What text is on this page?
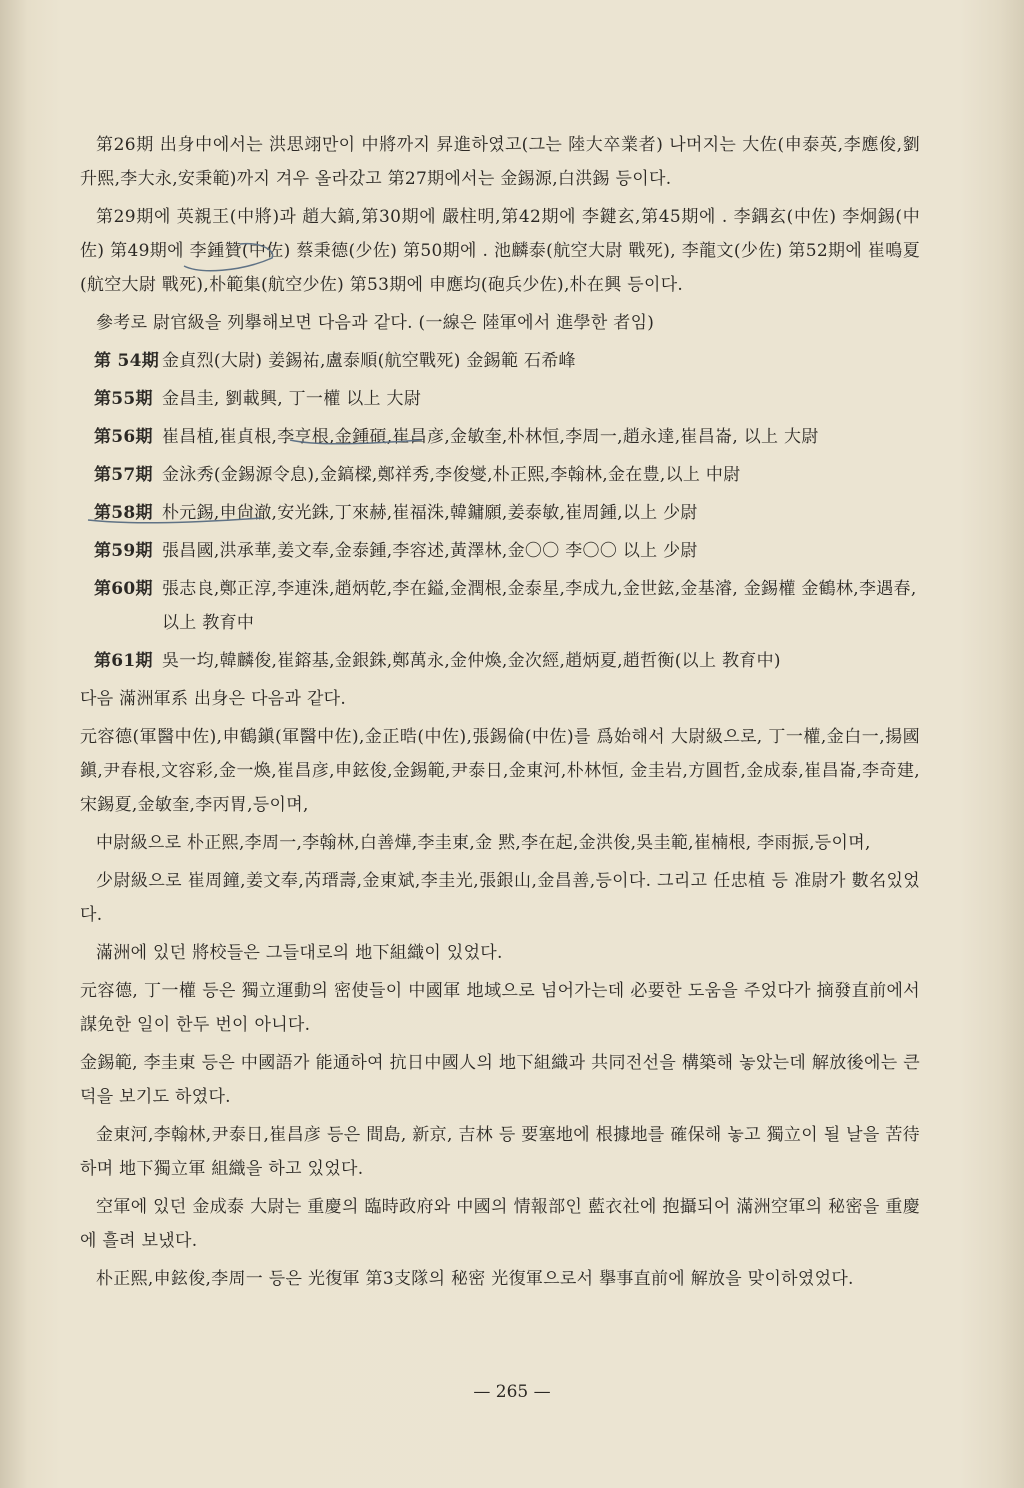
第26期 出身中에서는 洪思翊만이 中將까지 昇進하였고(그는 陸大卒業者) 나머지는 大佐(申泰英,李應俊,劉升熙,李大永,安秉範)까지 겨우 올라갔고 第27期에서는 金錫源,白洪錫 등이다.

第29期에 英親王(中將)과 趙大鎬,第30期에 嚴柱明,第42期에 李鍵玄,第45期에 . 李鍝玄(中佐) 李炯錫(中佐) 第49期에 李鍾贊(中佐) 蔡秉德(少佐) 第50期에 . 池麟泰(航空大尉 戰死), 李龍文(少佐) 第52期에 崔鳴夏(航空大尉 戰死),朴範集(航空少佐) 第53期에 申應均(砲兵少佐),朴在興 등이다.

參考로 尉官級을 列擧해보면 다음과 같다. (一線은 陸軍에서 進學한 者임)

第 54期 金貞烈(大尉) 姜錫祐,盧泰順(航空戰死) 金錫範 石希峰
第55期 金昌圭, 劉載興, 丁一權 以上 大尉
第56期 崔昌植,崔貞根,李亨根,金鍾碩,崔昌彦,金敏奎,朴林恒,李周一,趙永達,崔昌崙, 以上 大尉
第57期 金泳秀(金錫源令息),金鎬樑,鄭祥秀,李俊燮,朴正熙,李翰林,金在豊,以上 中尉
第58期 朴元錫,申尙澈,安光銖,丁來赫,崔福洙,韓鏞願,姜泰敏,崔周鍾,以上 少尉
第59期 張昌國,洪承華,姜文奉,金泰鍾,李容述,黃澤林,金〇〇 李〇〇 以上 少尉
第60期 張志良,鄭正淳,李連洙,趙炳乾,李在鎰,金潤根,金泰星,李成九,金世鉉,金基濬, 金錫權 金鶴林,李遇春,以上 教育中
第61期 吳一均,韓麟俊,崔鎔基,金銀銖,鄭萬永,金仲煥,金次經,趙炳夏,趙哲衡(以上 教育中)

다음 滿洲軍系 出身은 다음과 같다.

元容德(軍醫中佐),申鶴鎭(軍醫中佐),金正晧(中佐),張錫倫(中佐)를 爲始해서 大尉級으로, 丁一權,金白一,揚國鎭,尹春根,文容彩,金一煥,崔昌彦,申鉉俊,金錫範,尹泰日,金東河,朴林恒, 金圭岩,方圓哲,金成泰,崔昌崙,李奇建,宋錫夏,金敏奎,李丙胃,등이며,

中尉級으로 朴正熙,李周一,李翰林,白善燁,李圭東,金 黙,李在起,金洪俊,吳圭範,崔楠根, 李雨振,등이며,

少尉級으로 崔周鐘,姜文奉,芮瑨壽,金東斌,李圭光,張銀山,金昌善,등이다. 그리고 任忠植 등 准尉가 數名있었다.

滿洲에 있던 將校들은 그들대로의 地下組織이 있었다.

元容德, 丁一權 등은 獨立運動의 密使들이 中國軍 地域으로 넘어가는데 必要한 도움을 주었다가 摘發直前에서 謀免한 일이 한두 번이 아니다.

金錫範, 李圭東 등은 中國語가 能通하여 抗日中國人의 地下組織과 共同전선을 構築해 놓았는데 解放後에는 큰 덕을 보기도 하였다.

金東河,李翰林,尹泰日,崔昌彦 등은 間島, 新京, 吉林 등 要塞地에 根據地를 確保해 놓고 獨立이 될 날을 苦待하며 地下獨立軍 組織을 하고 있었다.

空軍에 있던 金成泰 大尉는 重慶의 臨時政府와 中國의 情報部인 藍衣社에 抱攝되어 滿洲空軍의 秘密을 重慶에 흘려 보냈다.

朴正熙,申鉉俊,李周一 등은 光復軍 第3支隊의 秘密 光復軍으로서 擧事直前에 解放을 맞이하였었다.

— 265 —
